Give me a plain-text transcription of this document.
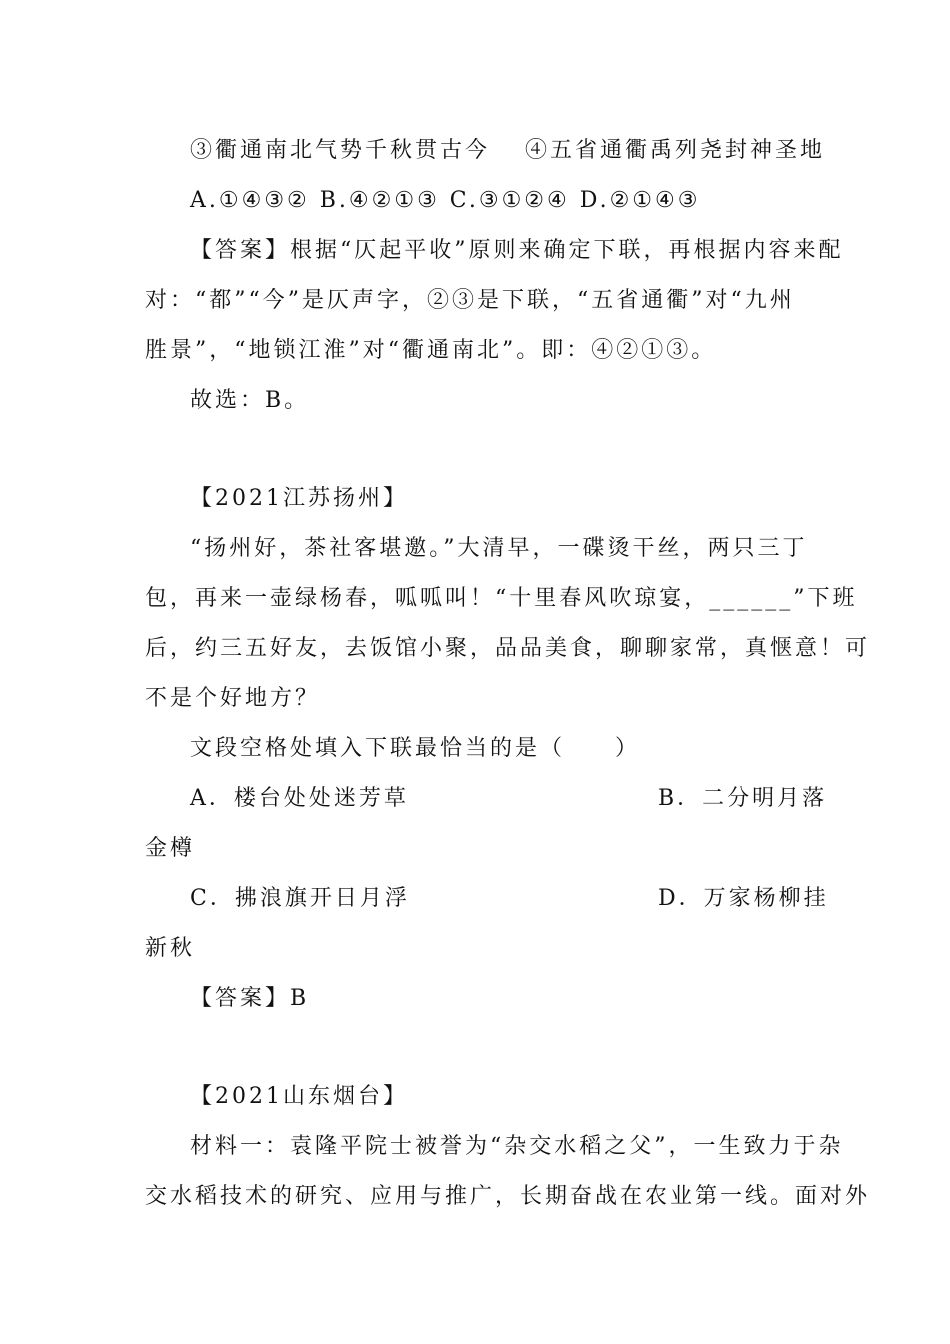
③衢通南北气势千秋贯古今　 ④五省通衢禹列尧封神圣地
A.①④③② B.④②①③ C.③①②④ D.②①④③
【答案】根据“仄起平收”原则来确定下联，再根据内容来配
对：“都”“今”是仄声字，②③是下联，“五省通衢”对“九州
胜景”，“地锁江淮”对“衢通南北”。即：④②①③。
故选：B。
【2021江苏扬州】
“扬州好，茶社客堪邀。”大清早，一碟烫干丝，两只三丁
包，再来一壶绿杨春，呱呱叫！“十里春风吹琼宴，______”下班
后，约三五好友，去饭馆小聚，品品美食，聊聊家常，真惬意！可
不是个好地方？
文段空格处填入下联最恰当的是（　　）
A．楼台处处迷芳草	B．二分明月落
金樽
C．拂浪旗开日月浮	D．万家杨柳挂
新秋
【答案】B
【2021山东烟台】
材料一：袁隆平院士被誉为“杂交水稻之父”，一生致力于杂
交水稻技术的研究、应用与推广，长期奋战在农业第一线。面对外
